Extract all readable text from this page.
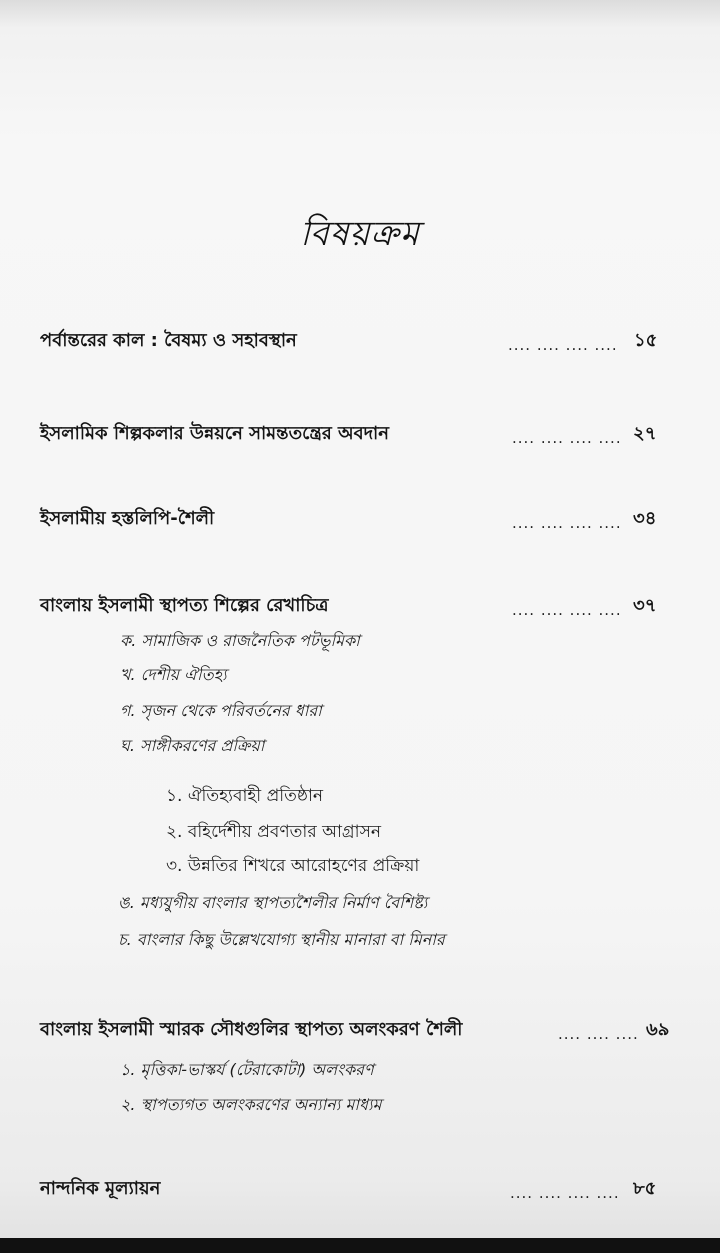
বিষয়ক্রম
পর্বান্তরের কাল : বৈষম্য ও সহাবস্থান	.... .... .... .... ১৫
ইসলামিক শিল্পকলার উন্নয়নে সামন্ততন্ত্রের অবদান	.... .... .... .... ২৭
ইসলামীয় হস্তলিপি-শৈলী	.... .... .... .... ৩৪
বাংলায় ইসলামী স্থাপত্য শিল্পের রেখাচিত্র	.... .... .... .... ৩৭
ক. সামাজিক ও রাজনৈতিক পটভূমিকা
খ. দেশীয় ঐতিহ্য
গ. সৃজন থেকে পরিবর্তনের ধারা
ঘ. সাঙ্গীকরণের প্রক্রিয়া
১. ঐতিহ্যবাহী প্রতিষ্ঠান
২. বহির্দেশীয় প্রবণতার আগ্রাসন
৩. উন্নতির শিখরে আরোহণের প্রক্রিয়া
ঙ. মধ্যযুগীয় বাংলার স্থাপত্যশৈলীর নির্মাণ বৈশিষ্ট্য
চ. বাংলার কিছু উল্লেখযোগ্য স্থানীয় মানারা বা মিনার
বাংলায় ইসলামী স্মারক সৌধগুলির স্থাপত্য অলংকরণ শৈলী	.... .... .... ৬৯
১. মৃত্তিকা-ভাস্কর্য (টেরাকোটা) অলংকরণ
২. স্থাপত্যগত অলংকরণের অন্যান্য মাধ্যম
নান্দনিক মূল্যায়ন	.... .... .... .... ৮৫
